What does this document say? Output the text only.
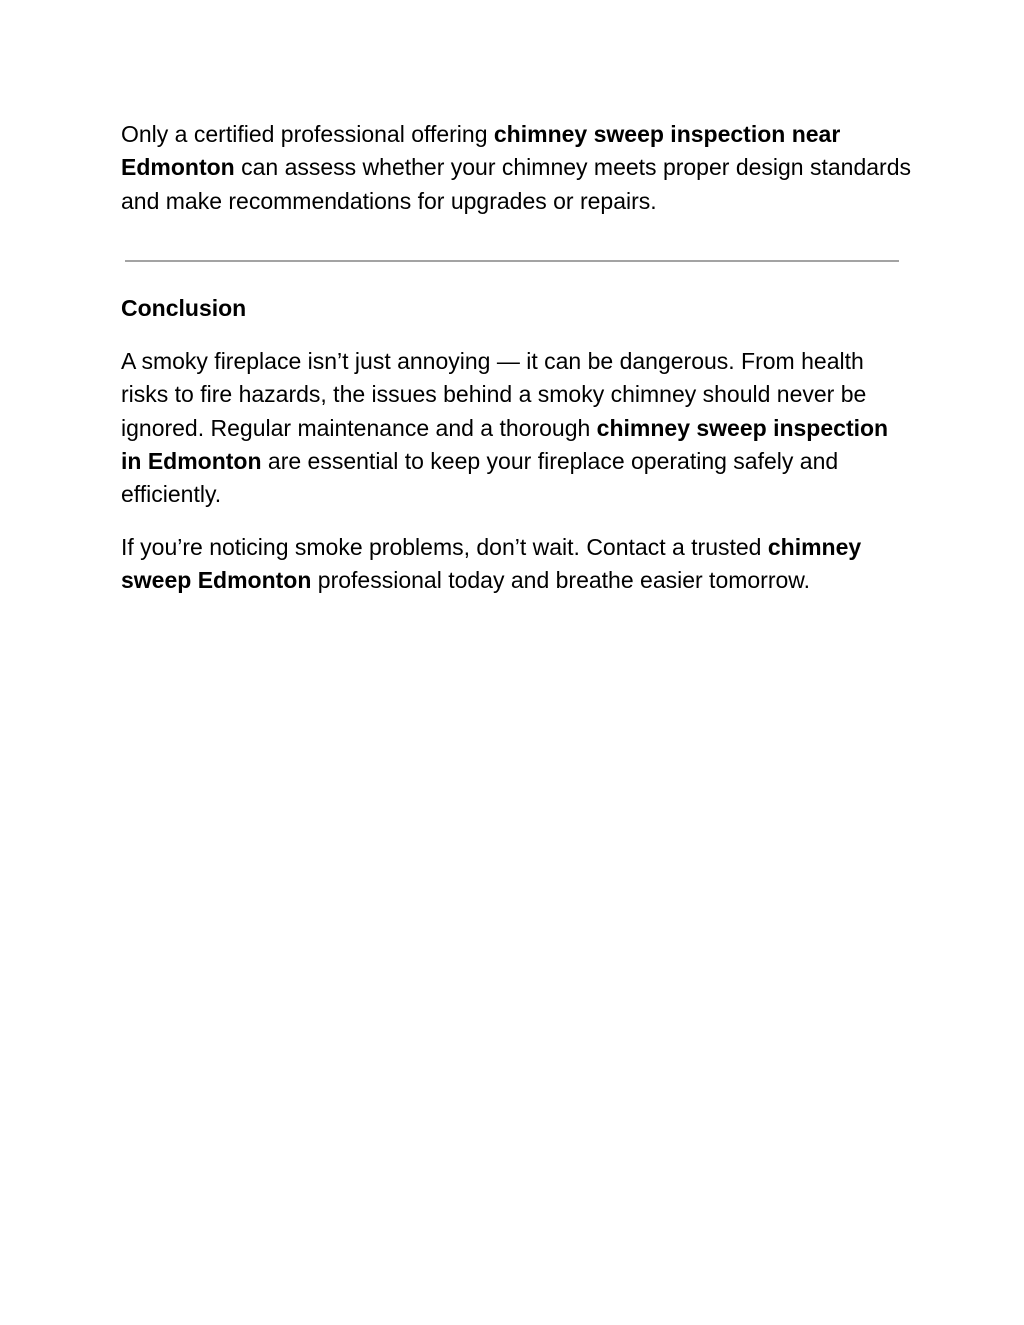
Only a certified professional offering chimney sweep inspection near Edmonton can assess whether your chimney meets proper design standards and make recommendations for upgrades or repairs.

Conclusion

A smoky fireplace isn’t just annoying — it can be dangerous. From health risks to fire hazards, the issues behind a smoky chimney should never be ignored. Regular maintenance and a thorough chimney sweep inspection in Edmonton are essential to keep your fireplace operating safely and efficiently.

If you’re noticing smoke problems, don’t wait. Contact a trusted chimney sweep Edmonton professional today and breathe easier tomorrow.
